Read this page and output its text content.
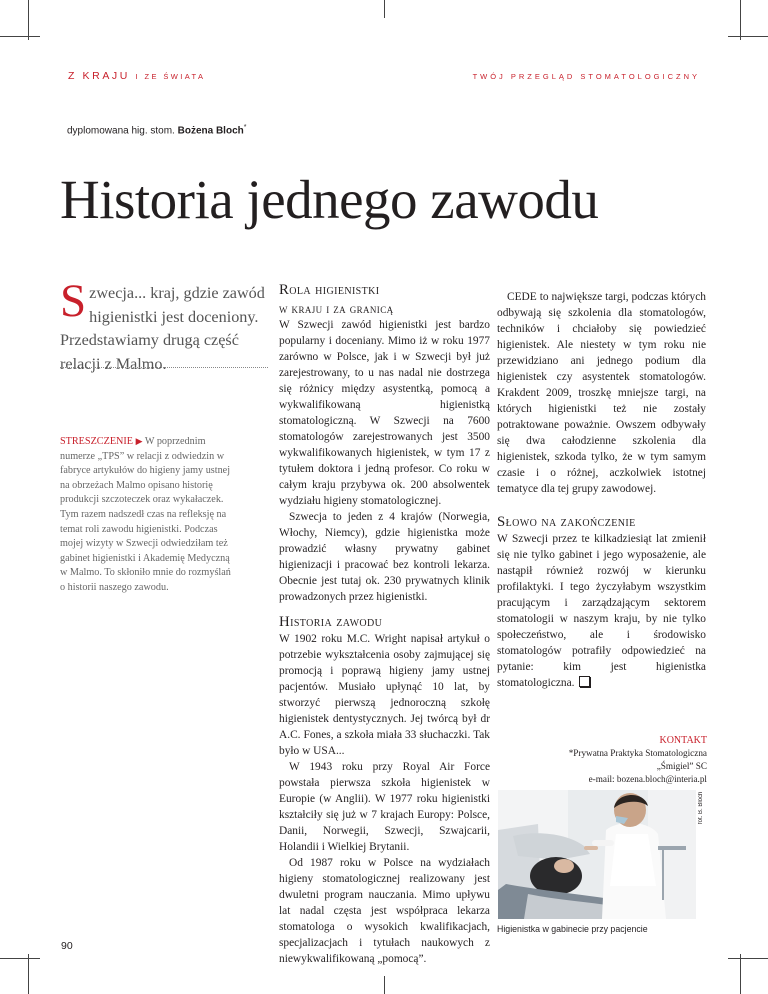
Z KRAJU I ZE ŚWIATA	TWÓJ PRZEGLĄD STOMATOLOGICZNY
dyplomowana hig. stom. Bożena Bloch*
Historia jednego zawodu
Szwecja... kraj, gdzie zawód higienistki jest doceniony. Przedstawiamy drugą część relacji z Malmo.
STRESZCZENIE ▶ W poprzednim numerze „TPS” w relacji z odwiedzin w fabryce artykułów do higieny jamy ustnej na obrzeżach Malmo opisano historię produkcji szczoteczek oraz wykałaczek. Tym razem nadszedł czas na refleksję na temat roli zawodu higienistki. Podczas mojej wizyty w Szwecji odwiedziłam też gabinet higienistki i Akademię Medyczną w Malmo. To skłoniło mnie do rozmyślań o historii naszego zawodu.
Rola higienistki
w kraju i za granicą

W Szwecji zawód higienistki jest bardzo popularny i doceniany. Mimo iż w roku 1977 zarówno w Polsce, jak i w Szwecji był już zarejestrowany, to u nas nadal nie dostrzega się różnicy między asystentką, pomocą a wykwalifikowaną higienistką stomatologiczną. W Szwecji na 7600 stomatologów zarejestrowanych jest 3500 wykwalifikowanych higienistek, w tym 17 z tytułem doktora i jedną profesor. Co roku w całym kraju przybywa ok. 200 absolwentek wydziału higieny stomatologicznej.

Szwecja to jeden z 4 krajów (Norwegia, Włochy, Niemcy), gdzie higienistka może prowadzić własny prywatny gabinet higienizacji i pracować bez kontroli lekarza. Obecnie jest tutaj ok. 230 prywatnych klinik prowadzonych przez higienistki.

Historia zawodu

W 1902 roku M.C. Wright napisał artykuł o potrzebie wykształcenia osoby zajmującej się promocją i poprawą higieny jamy ustnej pacjentów. Musiało upłynąć 10 lat, by stworzyć pierwszą jednoroczną szkołę higienistek dentystycznych. Jej twórcą był dr A.C. Fones, a szkoła miała 33 słuchaczki. Tak było w USA...

W 1943 roku przy Royal Air Force powstała pierwsza szkoła higienistek w Europie (w Anglii). W 1977 roku higienistki kształciły się już w 7 krajach Europy: Polsce, Danii, Norwegii, Szwecji, Szwajcarii, Holandii i Wielkiej Brytanii.

Od 1987 roku w Polsce na wydziałach higieny stomatologicznej realizowany jest dwuletni program nauczania. Mimo upływu lat nadal częsta jest współpraca lekarza stomatologa o wysokich kwalifikacjach, specjalizacjach i tytułach naukowych z niewykwalifikowaną „pomocą”.

CEDE to największe targi, podczas których odbywają się szkolenia dla stomatologów, techników i chciałoby się powiedzieć higienistek. Ale niestety w tym roku nie przewidziano ani jednego podium dla higienistek czy asystentek stomatologów. Krakdent 2009, troszkę mniejsze targi, na których higienistki też nie zostały potraktowane poważnie. Owszem odbywały się dwa całodzienne szkolenia dla higienistek, szkoda tylko, że w tym samym czasie i o różnej, aczkolwiek istotnej tematyce dla tej grupy zawodowej.

Słowo na zakończenie

W Szwecji przez te kilkadziesiąt lat zmienił się nie tylko gabinet i jego wyposażenie, ale nastąpił również rozwój w kierunku profilaktyki. I tego życzyłabym wszystkim pracującym i zarządzającym sektorem stomatologii w naszym kraju, by nie tylko społeczeństwo, ale i środowisko stomatologów potrafiły odpowiedzieć na pytanie: kim jest higienistka stomatologiczna.

KONTAKT
*Prywatna Praktyka Stomatologiczna
„Śmigiel” SC
e-mail: bozena.bloch@interia.pl
fot. B. Bloch
Higienistka w gabinecie przy pacjencie
90
